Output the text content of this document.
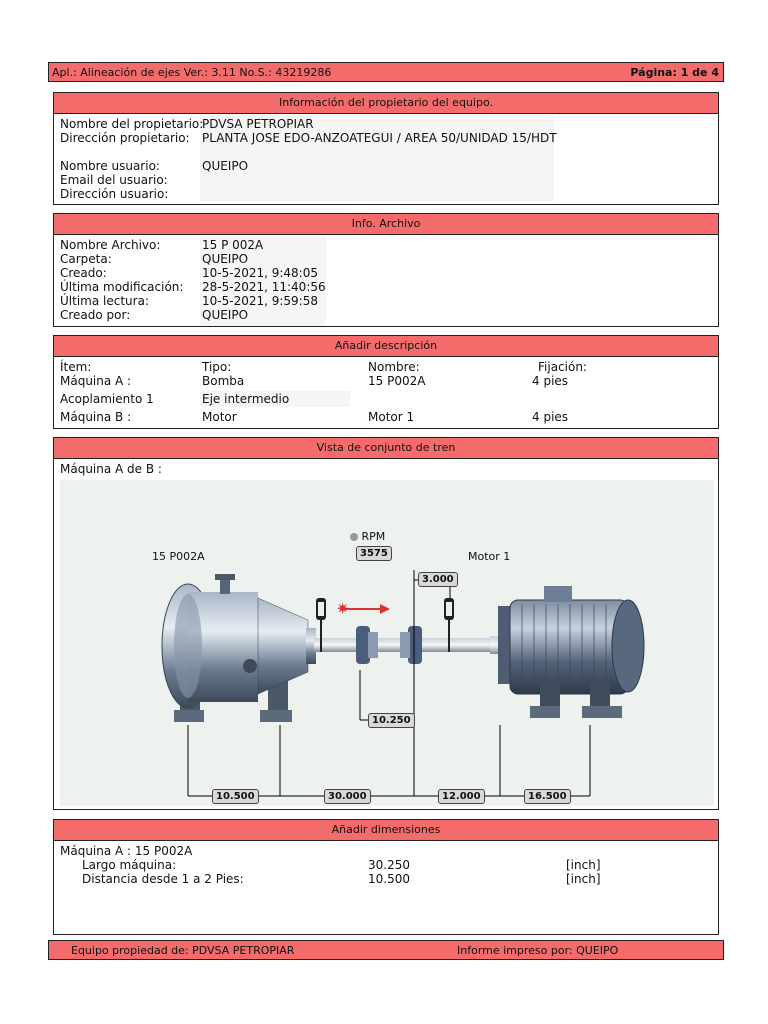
Apl.: Alineación de ejes Ver.: 3.11 No.S.: 43219286	Página: 1 de 4
Información del propietario del equipo.
Nombre del propietario:
PDVSA PETROPIAR
Dirección propietario: PLANTA JOSE EDO-ANZOATEGUI / AREA 50/UNIDAD 15/HDT
Nombre usuario:	QUEIPO
Email del usuario:
Dirección usuario:
Info. Archivo
Nombre Archivo:	15 P 002A
Carpeta:	QUEIPO
Creado:	10-5-2021, 9:48:05
Última modificación: 28-5-2021, 11:40:56
Última lectura:	10-5-2021, 9:59:58
Creado por:	QUEIPO
Añadir descripción
Ítem:	Tipo:	Nombre:	Fijación:
Máquina A :	Bomba	15 P002A	4 pies
Acoplamiento 1	Eje intermedio
Máquina B :	Motor	Motor 1	4 pies
Vista de conjunto de tren
Máquina A de B :
✷
15 P002A	Motor 1
RPM
3575
3.000
10.250
10.500	30.000	12.000	16.500
Añadir dimensiones
Máquina A : 15 P002A
Largo máquina:	30.250	[inch]
Distancia desde 1 a 2 Pies:	10.500	[inch]
Equipo propiedad de: PDVSA PETROPIAR	Informe impreso por: QUEIPO
